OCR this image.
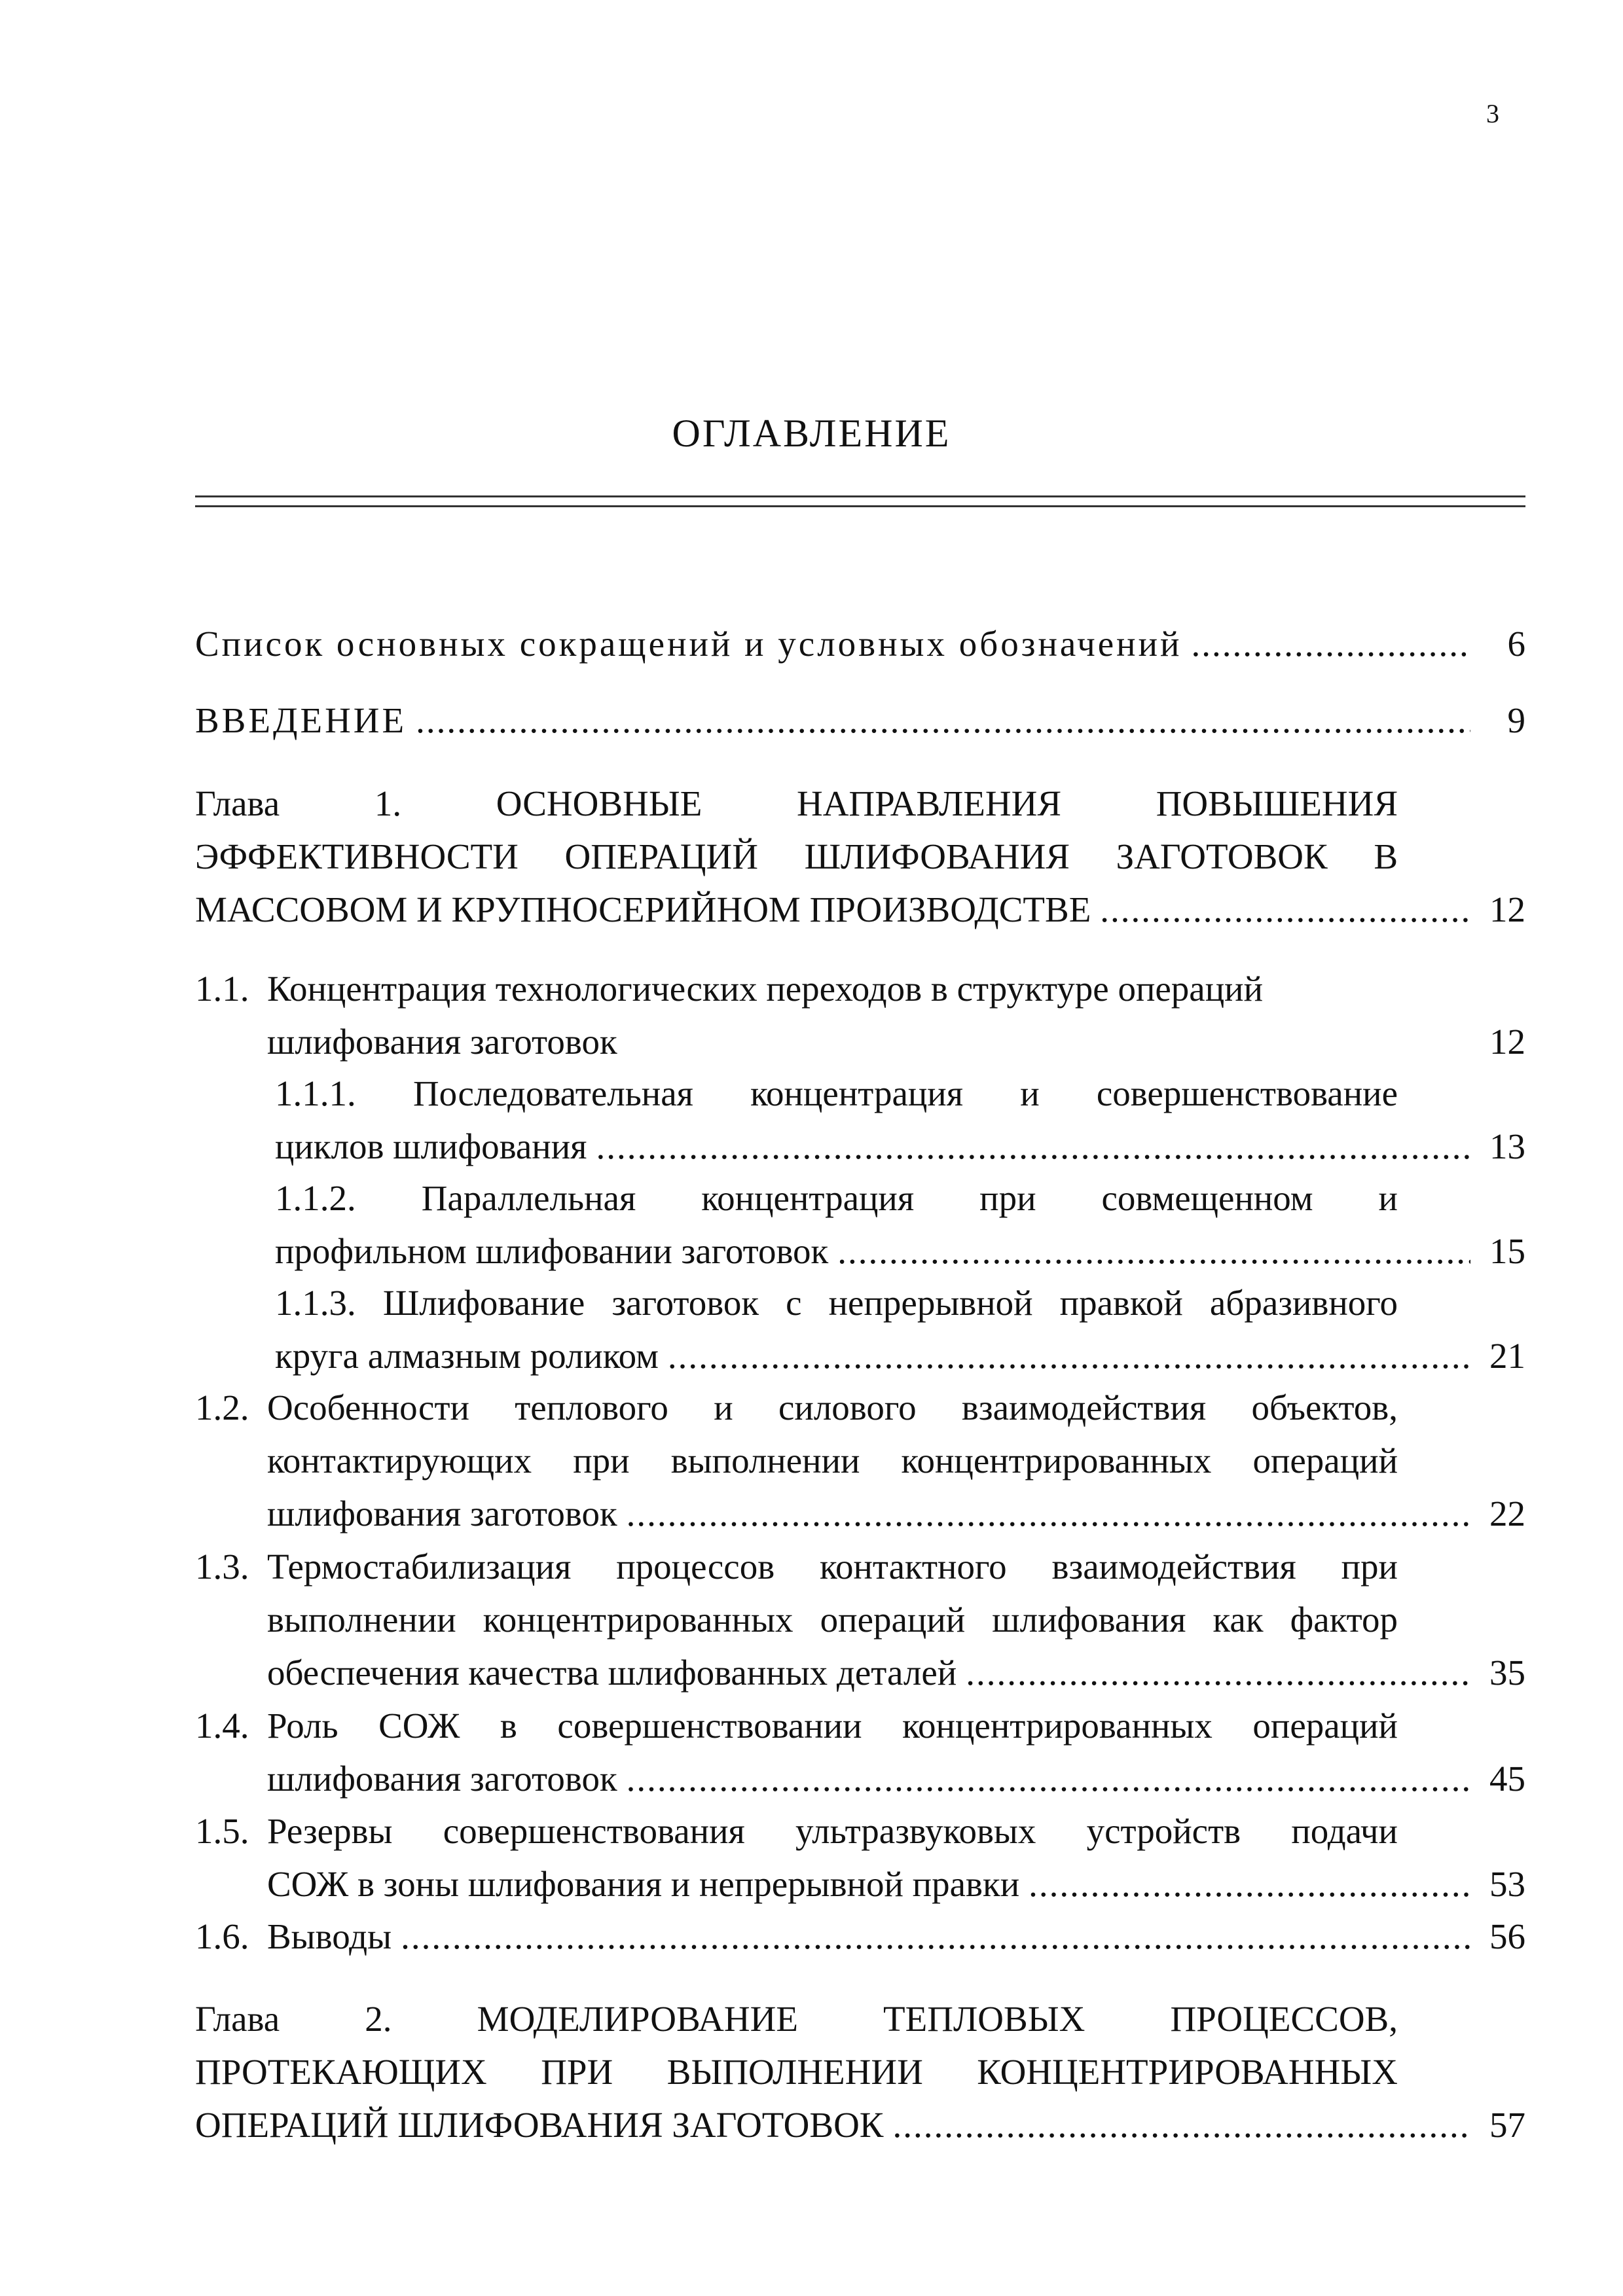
3
ОГЛАВЛЕНИЕ
Список основных сокращений и условных обозначений .....	6
ВВЕДЕНИЕ .....	9
Глава 1. ОСНОВНЫЕ НАПРАВЛЕНИЯ ПОВЫШЕНИЯ
ЭФФЕКТИВНОСТИ ОПЕРАЦИЙ ШЛИФОВАНИЯ ЗАГОТОВОК В
МАССОВОМ И КРУПНОСЕРИЙНОМ ПРОИЗВОДСТВЕ .....	12
1.1. Концентрация технологических переходов в структуре операций
шлифования заготовок	12
1.1.1. Последовательная концентрация и совершенствование
циклов шлифования .....	13
1.1.2. Параллельная концентрация при совмещенном и
профильном шлифовании заготовок .....	15
1.1.3. Шлифование заготовок с непрерывной правкой абразивного
круга алмазным роликом .....	21
1.2. Особенности теплового и силового взаимодействия объектов,
контактирующих при выполнении концентрированных операций
шлифования заготовок .....	22
1.3. Термостабилизация процессов контактного взаимодействия при
выполнении концентрированных операций шлифования как фактор
обеспечения качества шлифованных деталей .....	35
1.4. Роль СОЖ в совершенствовании концентрированных операций
шлифования заготовок .....	45
1.5. Резервы совершенствования ультразвуковых устройств подачи
СОЖ в зоны шлифования и непрерывной правки .....	53
1.6. Выводы .....	56
Глава 2. МОДЕЛИРОВАНИЕ ТЕПЛОВЫХ ПРОЦЕССОВ,
ПРОТЕКАЮЩИХ ПРИ ВЫПОЛНЕНИИ КОНЦЕНТРИРОВАННЫХ
ОПЕРАЦИЙ ШЛИФОВАНИЯ ЗАГОТОВОК .....	57
